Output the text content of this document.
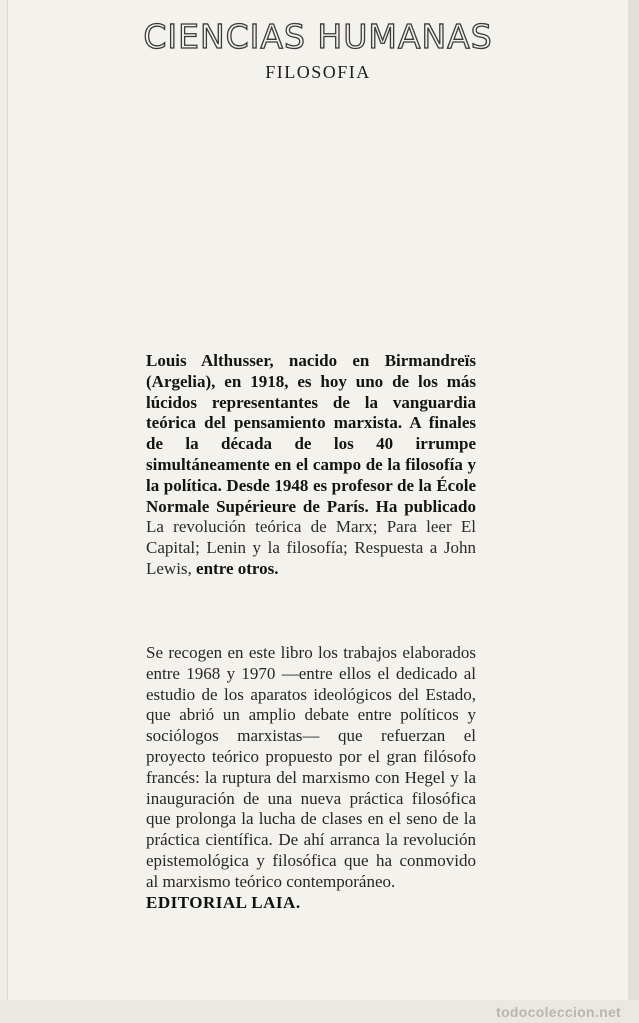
CIENCIAS HUMANAS
FILOSOFIA

Louis Althusser, nacido en Birmandreïs (Argelia), en 1918, es hoy uno de los más lúcidos representantes de la vanguardia teórica del pensamiento marxista. A finales de la década de los 40 irrumpe simultáneamente en el campo de la filosofía y la política. Desde 1948 es profesor de la École Normale Supérieure de París. Ha publicado La revolución teórica de Marx; Para leer El Capital; Lenin y la filosofía; Respuesta a John Lewis, entre otros.

Se recogen en este libro los trabajos elaborados entre 1968 y 1970 —entre ellos el dedicado al estudio de los aparatos ideológicos del Estado, que abrió un amplio debate entre políticos y sociólogos marxistas— que refuerzan el proyecto teórico propuesto por el gran filósofo francés: la ruptura del marxismo con Hegel y la inauguración de una nueva práctica filosófica que prolonga la lucha de clases en el seno de la práctica científica. De ahí arranca la revolución epistemológica y filosófica que ha conmovido al marxismo teórico contemporáneo.

EDITORIAL LAIA.
todocoleccion.net
